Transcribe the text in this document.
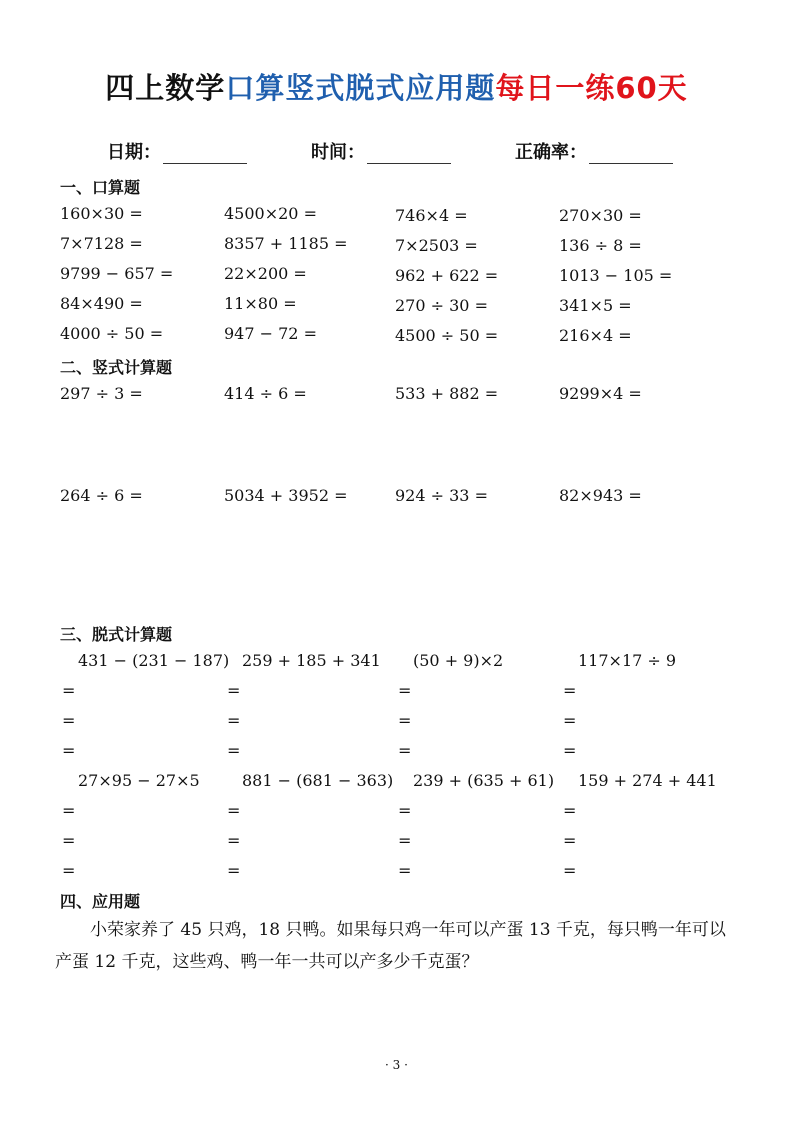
四上数学口算竖式脱式应用题每日一练60天
日期：	时间：	正确率：
一、口算题
160×30 =	4500×20 =	746×4 =	270×30 =
7×7128 =	8357 + 1185 =	7×2503 =	136 ÷ 8 =
9799 − 657 =	22×200 =	962 + 622 =	1013 − 105 =
84×490 =	11×80 =	270 ÷ 30 =	341×5 =
4000 ÷ 50 =	947 − 72 =	4500 ÷ 50 =	216×4 =
二、竖式计算题
297 ÷ 3 =	414 ÷ 6 =	533 + 882 =	9299×4 =
264 ÷ 6 =	5034 + 3952 =	924 ÷ 33 =	82×943 =
三、脱式计算题
431 − (231 − 187)
=
=
=
259 + 185 + 341
=
=
=
(50 + 9)×2
=
=
=
117×17 ÷ 9
=
=
=
27×95 − 27×5
=
=
=
881 − (681 − 363)
=
=
=
239 + (635 + 61)
=
=
=
159 + 274 + 441
=
=
=
四、应用题
小荣家养了 45 只鸡，18 只鸭。如果每只鸡一年可以产蛋 13 千克，每只鸭一年可以产蛋 12 千克，这些鸡、鸭一年一共可以产多少千克蛋？
· 3 ·
